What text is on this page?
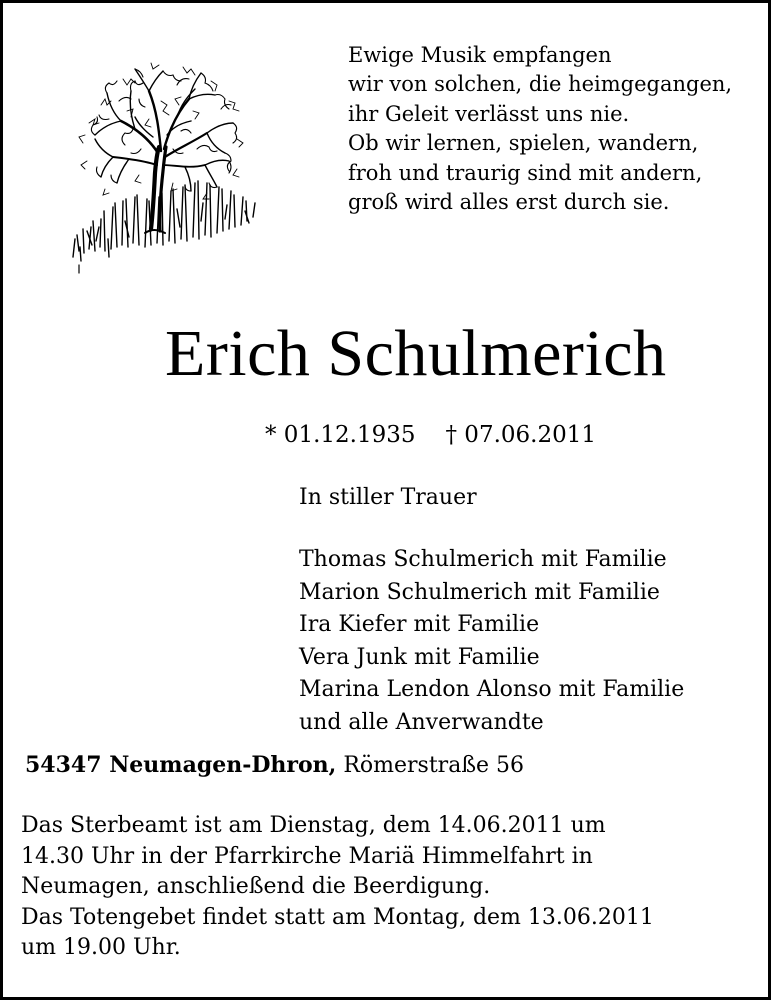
Ewige Musik empfangen
wir von solchen, die heimgegangen,
ihr Geleit verlässt uns nie.
Ob wir lernen, spielen, wandern,
froh und traurig sind mit andern,
groß wird alles erst durch sie.
Erich Schulmerich
* 01.12.1935 † 07.06.2011
In stiller Trauer
Thomas Schulmerich mit Familie
Marion Schulmerich mit Familie
Ira Kiefer mit Familie
Vera Junk mit Familie
Marina Lendon Alonso mit Familie
und alle Anverwandte
54347 Neumagen-Dhron, Römerstraße 56
Das Sterbeamt ist am Dienstag, dem 14.06.2011 um
14.30 Uhr in der Pfarrkirche Mariä Himmelfahrt in
Neumagen, anschließend die Beerdigung.
Das Totengebet findet statt am Montag, dem 13.06.2011
um 19.00 Uhr.
